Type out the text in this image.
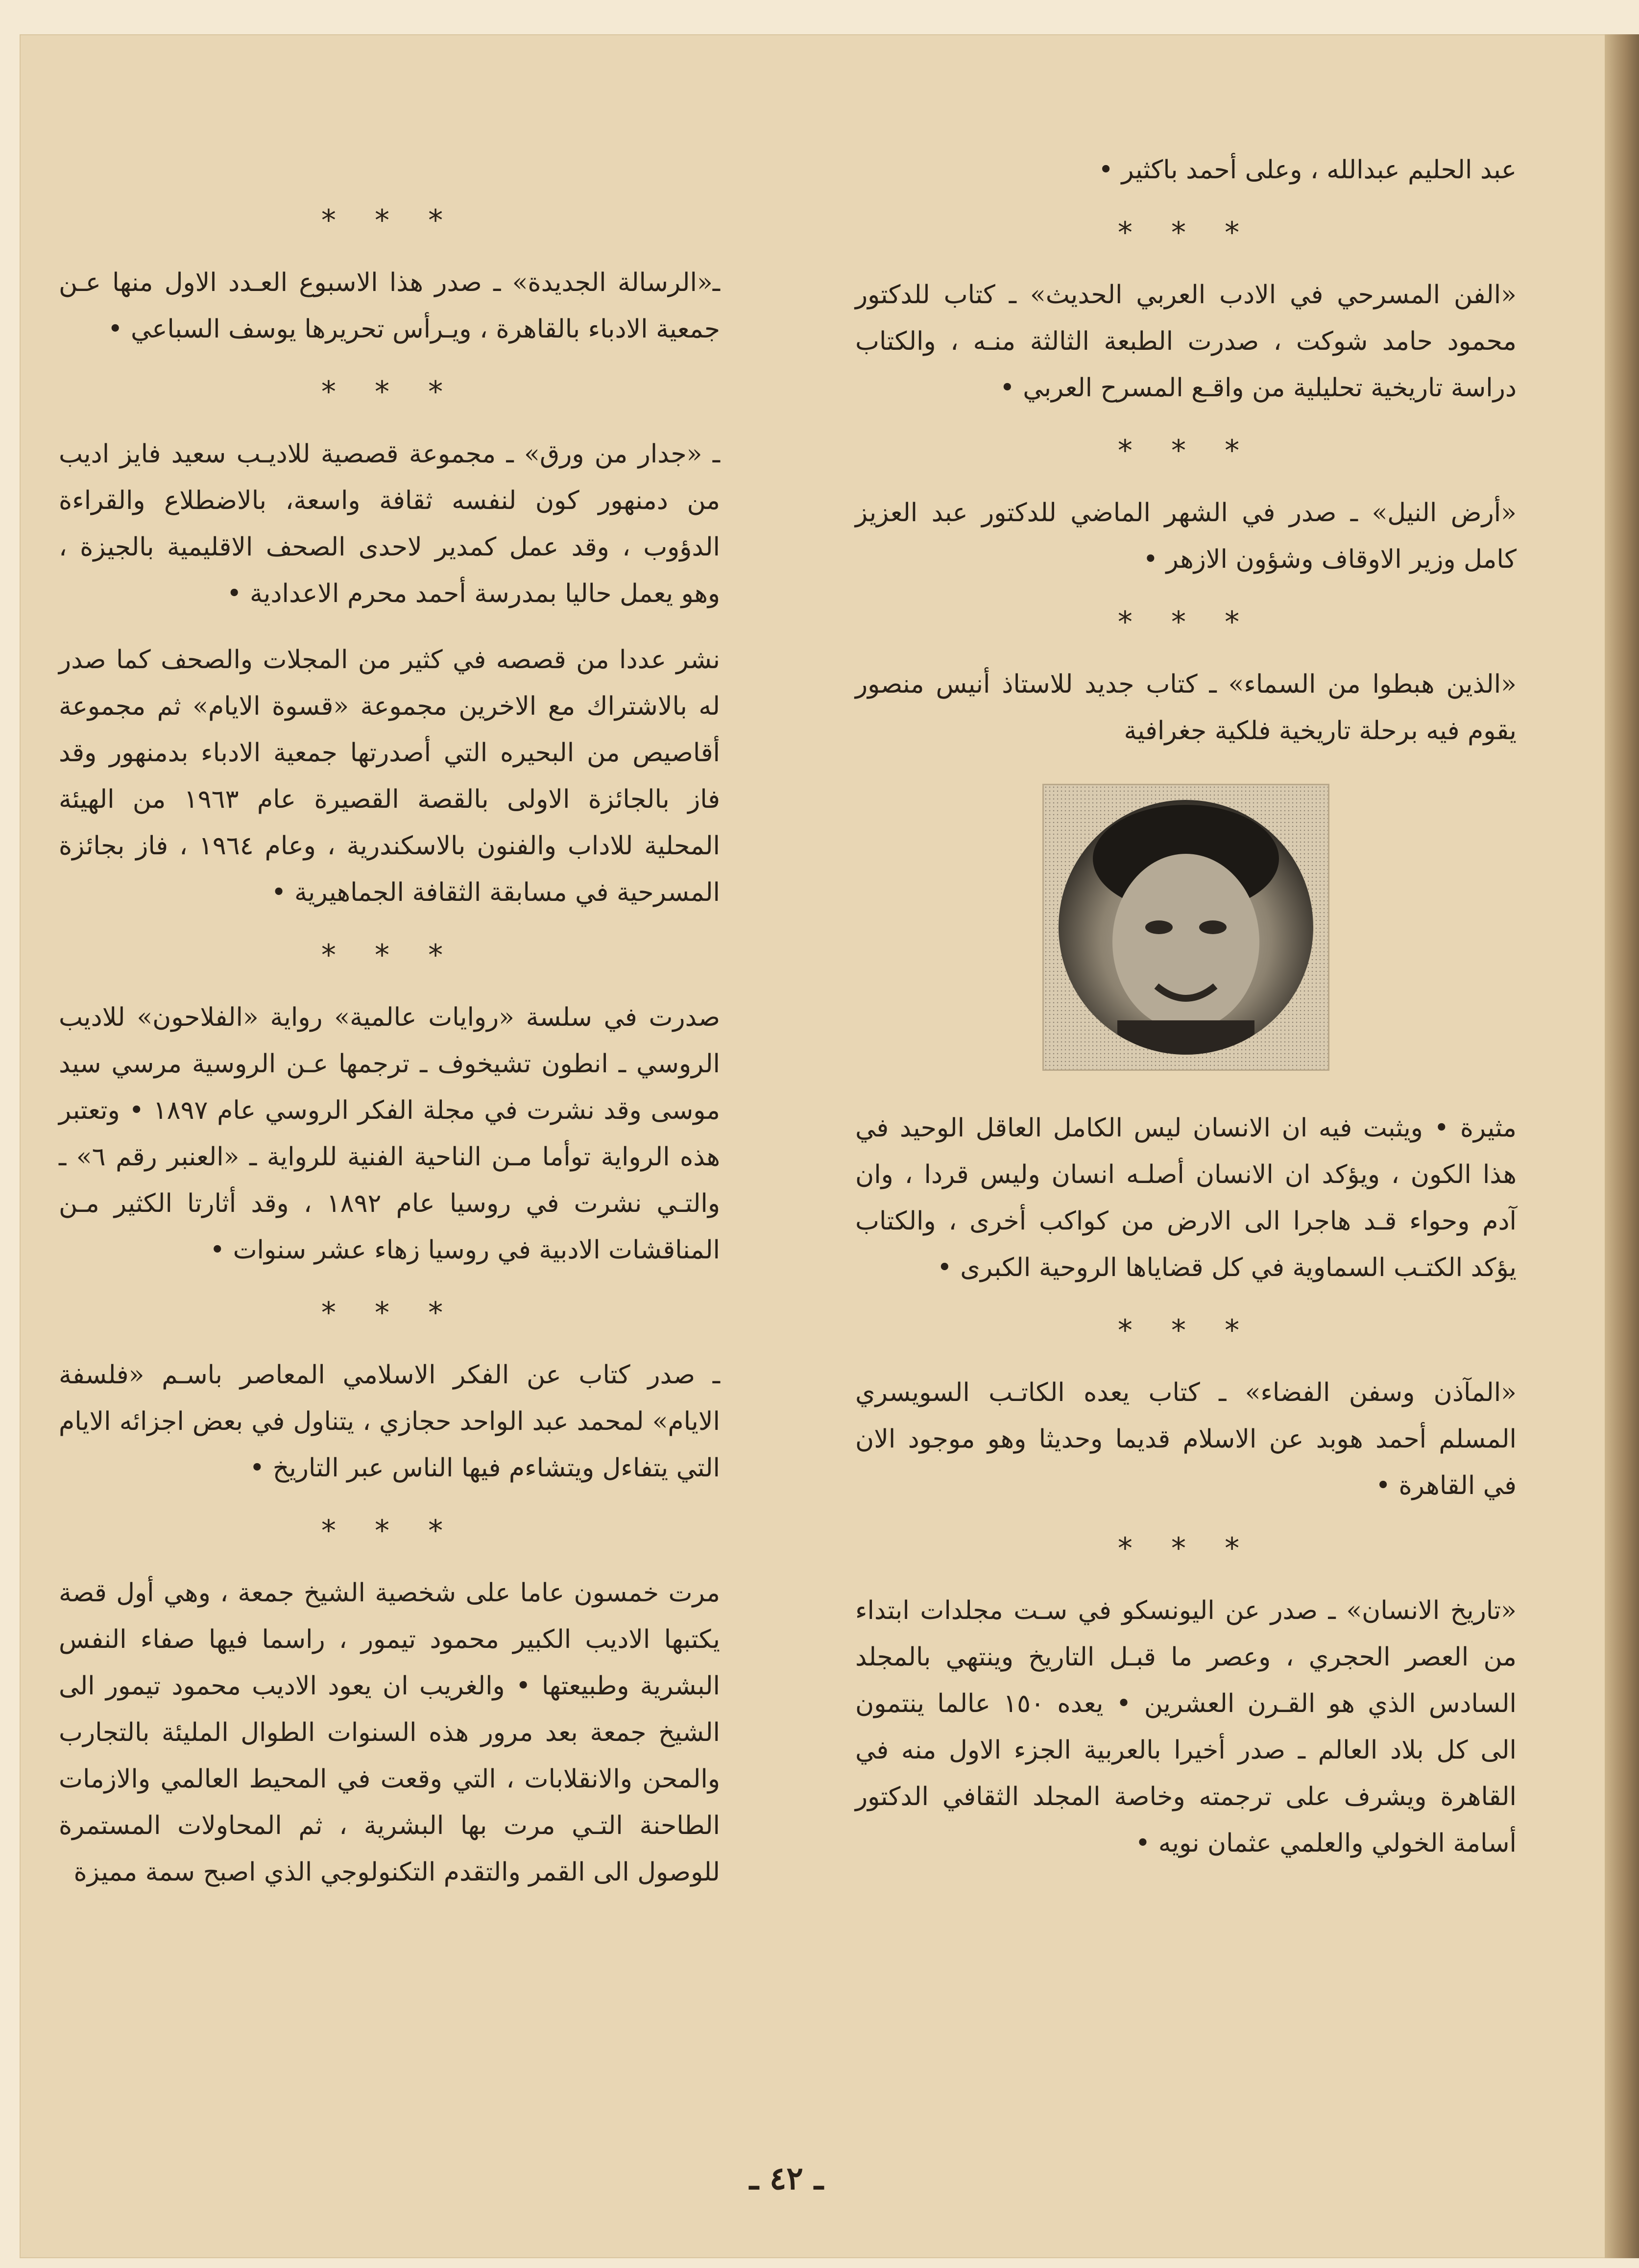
عبد الحليم عبدالله ، وعلى أحمد باكثير •

* * *

«الفن المسرحي في الادب العربي الحديث» ـ كتاب للدكتور محمود حامد شوكت ، صدرت الطبعة الثالثة منـه ، والكتاب دراسة تاريخية تحليلية من واقـع المسرح العربي •

* * *

«أرض النيل» ـ صدر في الشهر الماضي للدكتور عبد العزيز كامل وزير الاوقاف وشؤون الازهر •

* * *

«الذين هبطوا من السماء» ـ كتاب جديد للاستاذ أنيس منصور يقوم فيه برحلة تاريخية فلكية جغرافية

مثيرة • ويثبت فيه ان الانسان ليس الكامل العاقل الوحيد في هذا الكون ، ويؤكد ان الانسان أصلـه انسان وليس قردا ، وان آدم وحواء قـد هاجرا الى الارض من كواكب أخرى ، والكتاب يؤكد الكتـب السماوية في كل قضاياها الروحية الكبرى •

* * *

«المآذن وسفن الفضاء» ـ كتاب يعده الكاتـب السويسري المسلم أحمد هوبد عن الاسلام قديما وحديثا وهو موجود الان في القاهرة •

* * *

«تاريخ الانسان» ـ صدر عن اليونسكو في سـت مجلدات ابتداء من العصر الحجري ، وعصر ما قبـل التاريخ وينتهي بالمجلد السادس الذي هو القـرن العشرين • يعده ١٥٠ عالما ينتمون الى كل بلاد العالم ـ صدر أخيرا بالعربية الجزء الاول منه في القاهرة ويشرف على ترجمته وخاصة المجلد الثقافي الدكتور أسامة الخولي والعلمي عثمان نويه •

* * *

ـ«الرسالة الجديدة» ـ صدر هذا الاسبوع العـدد الاول منها عـن جمعية الادباء بالقاهرة ، ويـرأس تحريرها يوسف السباعي •

* * *

ـ «جدار من ورق» ـ مجموعة قصصية للاديـب سعيد فايز اديب من دمنهور كون لنفسه ثقافة واسعة، بالاضطلاع والقراءة الدؤوب ، وقد عمل كمدير لاحدى الصحف الاقليمية بالجيزة ، وهو يعمل حاليا بمدرسة أحمد محرم الاعدادية •

نشر عددا من قصصه في كثير من المجلات والصحف كما صدر له بالاشتراك مع الاخرين مجموعة «قسوة الايام» ثم مجموعة أقاصيص من البحيره التي أصدرتها جمعية الادباء بدمنهور وقد فاز بالجائزة الاولى بالقصة القصيرة عام ١٩٦٣ من الهيئة المحلية للاداب والفنون بالاسكندرية ، وعام ١٩٦٤ ، فاز بجائزة المسرحية في مسابقة الثقافة الجماهيرية •

* * *

صدرت في سلسة «روايات عالمية» رواية «الفلاحون» للاديب الروسي ـ انطون تشيخوف ـ ترجمها عـن الروسية مرسي سيد موسى وقد نشرت في مجلة الفكر الروسي عام ١٨٩٧ • وتعتبر هذه الرواية توأما مـن الناحية الفنية للرواية ـ «العنبر رقم ٦» ـ والتـي نشرت في روسيا عام ١٨٩٢ ، وقد أثارتا الكثير مـن المناقشات الادبية في روسيا زهاء عشر سنوات •

* * *

ـ صدر كتاب عن الفكر الاسلامي المعاصر باسـم «فلسفة الايام» لمحمد عبد الواحد حجازي ، يتناول في بعض اجزائه الايام التي يتفاءل ويتشاءم فيها الناس عبر التاريخ •

* * *

مرت خمسون عاما على شخصية الشيخ جمعة ، وهي أول قصة يكتبها الاديب الكبير محمود تيمور ، راسما فيها صفاء النفس البشرية وطبيعتها • والغريب ان يعود الاديب محمود تيمور الى الشيخ جمعة بعد مرور هذه السنوات الطوال المليئة بالتجارب والمحن والانقلابات ، التي وقعت في المحيط العالمي والازمات الطاحنة التـي مرت بها البشرية ، ثم المحاولات المستمرة للوصول الى القمر والتقدم التكنولوجي الذي اصبح سمة مميزة

ـ ٤٢ ـ
